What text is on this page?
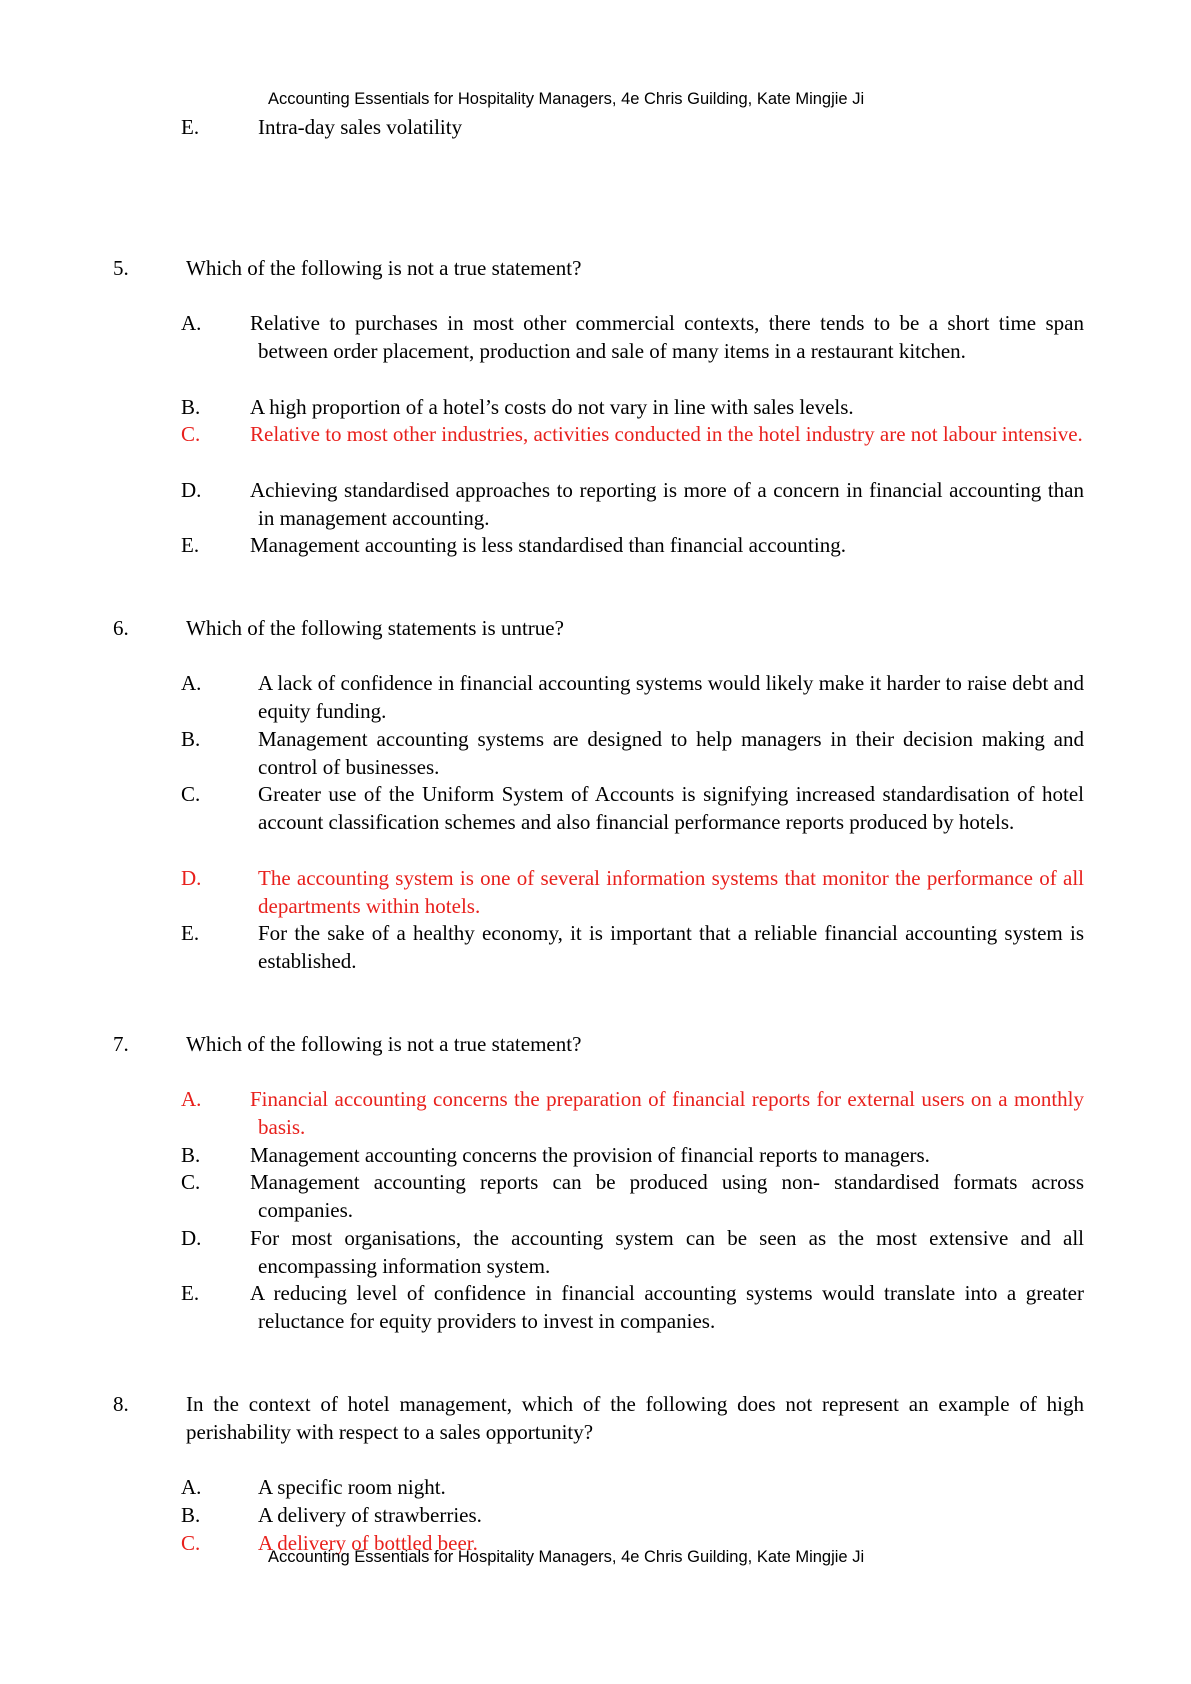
Accounting Essentials for Hospitality Managers, 4e Chris Guilding, Kate Mingjie Ji
E.	Intra-day sales volatility
5.	Which of the following is not a true statement?
A. Relative to purchases in most other commercial contexts, there tends to be a short time span between order placement, production and sale of many items in a restaurant kitchen.
B. A high proportion of a hotel’s costs do not vary in line with sales levels.
C. Relative to most other industries, activities conducted in the hotel industry are not labour intensive.
D. Achieving standardised approaches to reporting is more of a concern in financial accounting than in management accounting.
E. Management accounting is less standardised than financial accounting.
6.	Which of the following statements is untrue?
A.	A lack of confidence in financial accounting systems would likely make it harder to raise debt and equity funding.
B.	Management accounting systems are designed to help managers in their decision making and control of businesses.
C.	Greater use of the Uniform System of Accounts is signifying increased standardisation of hotel account classification schemes and also financial performance reports produced by hotels.
D.	The accounting system is one of several information systems that monitor the performance of all departments within hotels.
E.	For the sake of a healthy economy, it is important that a reliable financial accounting system is established.
7.	Which of the following is not a true statement?
A. Financial accounting concerns the preparation of financial reports for external users on a monthly basis.
B. Management accounting concerns the provision of financial reports to managers.
C. Management accounting reports can be produced using non- standardised formats across companies.
D. For most organisations, the accounting system can be seen as the most extensive and all encompassing information system.
E. A reducing level of confidence in financial accounting systems would translate into a greater reluctance for equity providers to invest in companies.
8.	In the context of hotel management, which of the following does not represent an example of high perishability with respect to a sales opportunity?
A.	A specific room night.
B.	A delivery of strawberries.
C.	A delivery of bottled beer.
Accounting Essentials for Hospitality Managers, 4e Chris Guilding, Kate Mingjie Ji
